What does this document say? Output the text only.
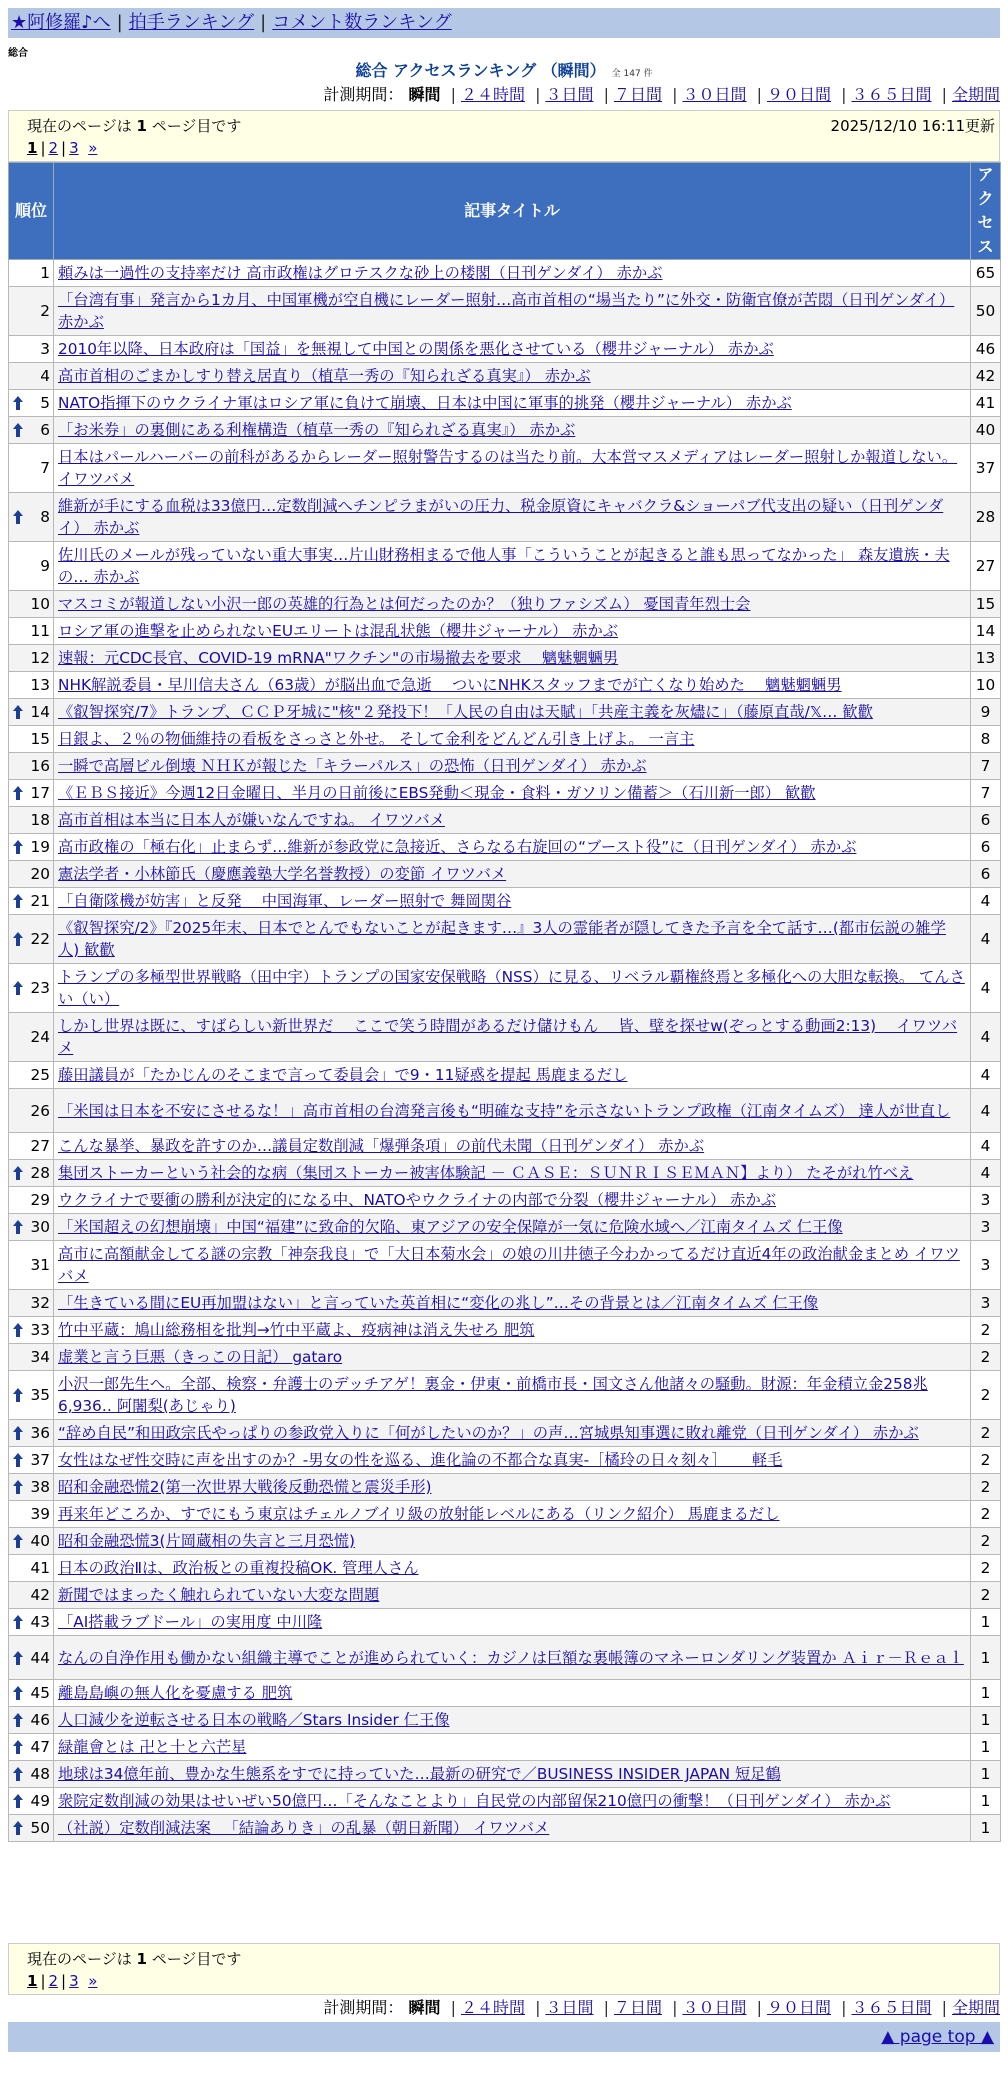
★阿修羅♪へ | 拍手ランキング | コメント数ランキング
総合
総合 アクセスランキング （瞬間） 全 147 件
計測期間： 瞬間 | ２４時間 | ３日間 | ７日間 | ３０日間 | ９０日間 | ３６５日間 | 全期間
現在のページは 1 ページ目です
1 | 2 | 3 »
2025/12/10 16:11更新
順位	記事タイトル	アクセス
1	頼みは一過性の支持率だけ 高市政権はグロテスクな砂上の楼閣（日刊ゲンダイ） 赤かぶ	65
2	「台湾有事」発言から1カ月、中国軍機が空自機にレーダー照射…高市首相の“場当たり”に外交・防衛官僚が苦悶（日刊ゲンダイ） 赤かぶ	50
3	2010年以降、日本政府は「国益」を無視して中国との関係を悪化させている（櫻井ジャーナル） 赤かぶ	46
4	高市首相のごまかしすり替え居直り（植草一秀の『知られざる真実』） 赤かぶ	42

5	NATO指揮下のウクライナ軍はロシア軍に負けて崩壊、日本は中国に軍事的挑発（櫻井ジャーナル） 赤かぶ	41

6	「お米券」の裏側にある利権構造（植草一秀の『知られざる真実』） 赤かぶ	40
7	日本はパールハーバーの前科があるからレーダー照射警告するのは当たり前。大本営マスメディアはレーダー照射しか報道しない。 イワツバメ	37

8	維新が手にする血税は33億円…定数削減へチンピラまがいの圧力、税金原資にキャバクラ&ショーパブ代支出の疑い（日刊ゲンダイ） 赤かぶ	28
9	佐川氏のメールが残っていない重大事実…片山財務相まるで他人事「こういうことが起きると誰も思ってなかった」 森友遺族・夫の… 赤かぶ	27
10	マスコミが報道しない小沢一郎の英雄的行為とは何だったのか？（独りファシズム） 憂国青年烈士会	15
11	ロシア軍の進撃を止められないEUエリートは混乱状態（櫻井ジャーナル） 赤かぶ	14
12	速報：元CDC長官、COVID-19 mRNA"ワクチン"の市場撤去を要求 　魑魅魍魎男	13
13	NHK解説委員・早川信夫さん（63歳）が脳出血で急逝 　ついにNHKスタッフまでが亡くなり始めた 　魑魅魍魎男	10

14	《叡智探究/7》トランプ、ＣＣＰ牙城に"核"２発投下！「人民の自由は天賦」「共産主義を灰燼に」（藤原直哉/𝕏… 歓歡	9
15	日銀よ、２％の物価維持の看板をさっさと外せ。 そして金利をどんどん引き上げよ。 一言主	8
16	一瞬で高層ビル倒壊 ＮＨＫが報じた「キラーパルス」の恐怖（日刊ゲンダイ） 赤かぶ	7

17	《ＥＢＳ接近》今週12日金曜日、半月の日前後にEBS発動＜現金・食料・ガソリン備蓄＞（石川新一郎） 歓歡	7
18	高市首相は本当に日本人が嫌いなんですね。 イワツバメ	6

19	高市政権の「極右化」止まらず…維新が参政党に急接近、さらなる右旋回の“ブースト役”に（日刊ゲンダイ） 赤かぶ	6
20	憲法学者・小林節氏（慶應義塾大学名誉教授）の変節 イワツバメ	6

21	「自衛隊機が妨害」と反発 　中国海軍、レーダー照射で 舞岡関谷	4

22	《叡智探究/2》『2025年末、日本でとんでもないことが起きます…』3人の霊能者が隠してきた予言を全て話す…(都市伝説の雑学人) 歓歡	4

23	トランプの多極型世界戦略（田中宇）トランプの国家安保戦略（NSS）に見る、リベラル覇権終焉と多極化への大胆な転換。 てんさい（い）	4
24	しかし世界は既に、すばらしい新世界だ 　ここで笑う時間があるだけ儲けもん 　皆、壁を探せw(ぞっとする動画2:13) 　イワツバメ	4
25	藤田議員が「たかじんのそこまで言って委員会」で9・11疑惑を提起 馬鹿まるだし	4
26	「米国は日本を不安にさせるな！」高市首相の台湾発言後も“明確な支持”を示さないトランプ政権（江南タイムズ） 達人が世直し	4
27	こんな暴挙、暴政を許すのか…議員定数削減「爆弾条項」の前代未聞（日刊ゲンダイ） 赤かぶ	4

28	集団ストーカーという社会的な病（集団ストーカー被害体験記 － ＣＡＳＥ：ＳＵＮＲＩＳＥＭＡＮ】より） たそがれ竹べえ	4
29	ウクライナで要衝の勝利が決定的になる中、NATOやウクライナの内部で分裂（櫻井ジャーナル） 赤かぶ	3

30	「米国超えの幻想崩壊」中国“福建”に致命的欠陥、東アジアの安全保障が一気に危険水域へ／江南タイムズ 仁王像	3
31	高市に高額献金してる謎の宗教「神奈我良」で「大日本菊水会」の娘の川井徳子今わかってるだけ直近4年の政治献金まとめ イワツバメ	3
32	「生きている間にEU再加盟はない」と言っていた英首相に“変化の兆し”…その背景とは／江南タイムズ 仁王像	3

33	竹中平蔵：鳩山総務相を批判→竹中平蔵よ、疫病神は消え失せろ 肥筑	2
34	虚業と言う巨悪（きっこの日記） gataro	2

35	小沢一郎先生へ。全部、検察・弁護士のデッチアゲ！裏金・伊東・前橋市長・国文さん他諸々の騒動。財源：年金積立金258兆6,936‥ 阿闍梨(あじゃり)	2

36	“辞め自民”和田政宗氏やっぱりの参政党入りに「何がしたいのか？」の声…宮城県知事選に敗れ離党（日刊ゲンダイ） 赤かぶ	2

37	女性はなぜ性交時に声を出すのか？-男女の性を巡る、進化論の不都合な真実-［橘玲の日々刻々］ 　 軽毛	2

38	昭和金融恐慌2(第一次世界大戦後反動恐慌と震災手形)	2
39	再来年どころか、すでにもう東京はチェルノブイリ級の放射能レベルにある（リンク紹介） 馬鹿まるだし	2

40	昭和金融恐慌3(片岡蔵相の失言と三月恐慌)	2
41	日本の政治Ⅱは、政治板との重複投稿OK. 管理人さん	2
42	新聞ではまったく触れられていない大変な問題	2

43	「AI搭載ラブドール」の実用度 中川隆	1

44	なんの自浄作用も働かない組織主導でことが進められていく：カジノは巨額な裏帳簿のマネーロンダリング装置か Ａｉｒ－Ｒｅａｌ	1

45	離島島嶼の無人化を憂慮する 肥筑	1

46	人口減少を逆転させる日本の戦略／Stars Insider 仁王像	1

47	緑龍會とは 卍と十と六芒星	1

48	地球は34億年前、豊かな生態系をすでに持っていた…最新の研究で／BUSINESS INSIDER JAPAN 短足鶴	1

49	衆院定数削減の効果はせいぜい50億円…「そんなことより」自民党の内部留保210億円の衝撃！（日刊ゲンダイ） 赤かぶ	1

50	（社説）定数削減法案 　「結論ありき」の乱暴（朝日新聞） イワツバメ	1
現在のページは 1 ページ目です
1 | 2 | 3 »
計測期間： 瞬間 | ２４時間 | ３日間 | ７日間 | ３０日間 | ９０日間 | ３６５日間 | 全期間
▲ page top ▲
